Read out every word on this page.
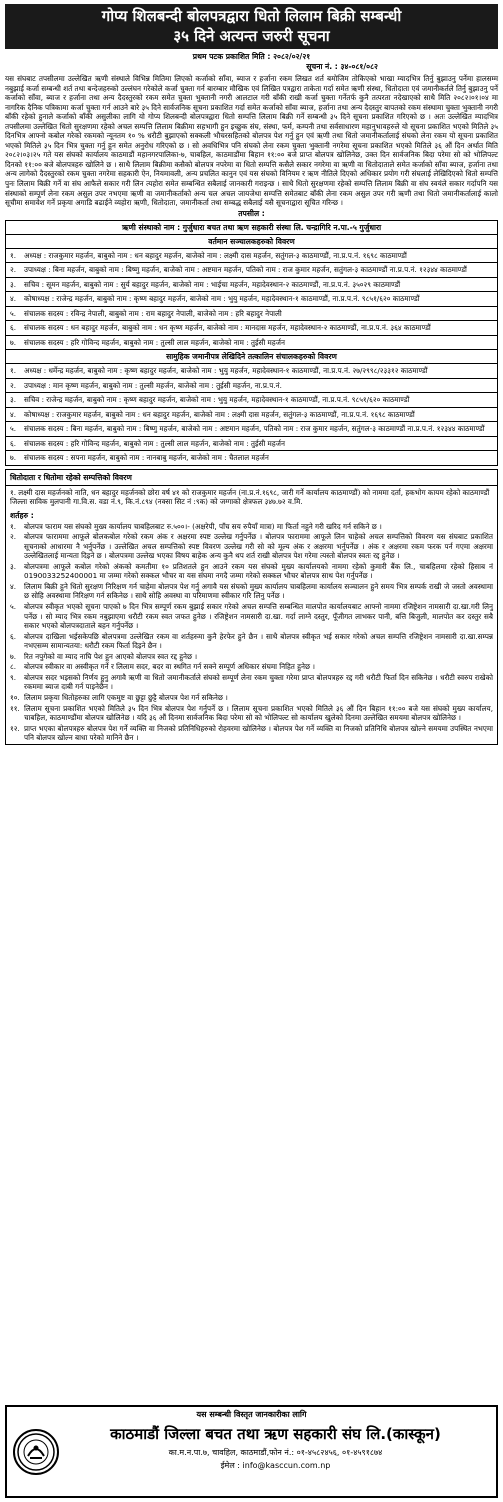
गोप्य शिलबन्दी बोलपत्रद्वारा धितो लिलाम बिक्री सम्बन्धी
३५ दिने अत्यन्त जरुरी सूचना
प्रथम पटक प्रकाशित मिति : २०८२/०२/२१
सूचना नं. : ३४-०८१/०८२
यस संघबाट तपसीलमा उल्लेखित ऋणी संस्थाले विभिन्न मितिमा लिएको कर्जाको साँवा, ब्याज र हर्जाना रकम लिखत शर्त बमोजिम तोकिएको भाखा म्यादभित्र तिर्नु बुझाउनु पर्नेमा हालसम्म नबुझाई कर्जा सम्बन्धी शर्त तथा बन्देजहरुको उल्लंघन गरेकोले कर्जा चुक्ता गर्न बारम्बार मौखिक एवं लिखित पत्रद्वारा ताकेता गर्दा समेत ऋणी संस्था, धितोदाता एवं जमानीकर्तले तिर्नु बुझाउनु पर्ने कर्जाको साँवा, ब्याज र हर्जाना तथा अन्य दैदस्तुरको रकम समेत चुक्ता भुक्तानी नगरी आलटाल गरी बाँकी राखी कर्जा चुक्ता गर्नेतर्फ कुनै तत्परता नदेखाएको साथै मिति २०८२।०१।०४ मा नागरिक दैनिक पत्रिकामा कर्जा चुक्ता गर्न आउने बारे ३५ दिने सार्वजनिक सूचना प्रकाशित गर्दा समेत कर्जाको साँवा ब्याज, हर्जाना तथा अन्य दैदस्तुर बापतको रकम संस्थामा चुक्ता भुक्तानी नगरी बाँकी रहेको हुनाले कर्जाको बाँकी असुलीका लागि यो गोप्य शिलबन्दी बोलपत्रद्वारा धितो सम्पत्ति लिलाम बिक्री गर्ने सम्बन्धी ३५ दिने सूचना प्रकाशित गरिएको छ । अतः उल्लेखित म्यादभित्र तपसीलमा उल्लेखित धितो सुरक्षणमा रहेको अचल सम्पत्ति लिलाम बिक्रीमा सहभागी हुन इच्छुक संघ, संस्था, फर्म, कम्पनी तथा सर्वसाधारण महानुभावहरुले यो सूचना प्रकाशित भएको मितिले ३५ दिनभित्र आफ्नो कबोल गरेको रकमको न्यूनतम १० % धरौटी बुझाएको सक्कली भौचरसहितको बोलपत्र पेश गर्नु हुन एवं ऋणी तथा धितो जमानीकर्तालाई संघको लेना रकम यो सूचना प्रकाशित भएको मितिले ३५ दिन भित्र चुक्ता गर्नु हुन समेत अनुरोध गरिएको छ । सो अवधिभित्र पनि संघको लेना रकम चुक्ता भुक्तानी नगरेमा सूचना प्रकाशित भएको मितिले ३६ औं दिन अर्थात मिति २०८२।०३।२५ गते यस संघको कार्यालय काठमाडौं महानगरपालिका-७, चाबहिल, काठमाडौंमा बिहान ११:०० बजे प्राप्त बोलपत्र खोलिनेछ, उक्त दिन सार्वजनिक बिदा परेमा सो को भोलिपल्ट दिनको ११:०० बजे बोलपत्रहरु खोलिने छ । साथै लिलाम बिक्रीमा कसैको बोलपत्र नपरेमा वा धितो सम्पत्ति कसैले सकार नगरेमा वा ऋणी वा धितोदाताले समेत कर्जाको साँवा ब्याज, हर्जाना तथा अन्य लागेको दैदस्तुरको रकम चुक्ता नगरेमा सहकारी ऐन, नियमावली, अन्य प्रचलित कानुन एवं यस संघको विनियम र ऋण नीतिले दिएको अधिकार प्रयोग गरी संघलाई लेखिदिएको धितो सम्पत्ति पुनः लिलाम बिक्री गर्ने वा संघ आफैले सकार गरी लिन त्यहोरा समेत सम्बन्धित सबैलाई जानकारी गराइन्छ । साथै धितो सुरक्षणमा रहेको सम्पत्ति लिलाम बिक्री वा संघ स्वयंले सकार गर्दापनि यस संस्थाको सम्पूर्ण लेना रकम असुल उपर नभएमा ऋणी वा जमानीकर्ताको अन्य चल अचल जायजेथा सम्पत्ति समेतबाट बाँकी लेना रकम असुल उपर गरी ऋणी तथा धितो जमानीकर्तालाई कालो सूचीमा समावेश गर्ने प्रकृया अगाडि बढाईने व्यहोरा ऋणी, धितोदाता, जमानीकर्ता तथा सम्बद्ध सबैलाई यसै सूचनाद्वारा सूचित गरिन्छ ।
तपसील :
ऋणी संस्थाको नाम : गुर्जुधारा बचत तथा ऋण सहकारी संस्था लि. चन्द्रागिरि न.पा.-५ गुर्जुधारा
वर्तमान सञ्चालकहरुको विवरण
१.	अध्यक्ष : राजकुमार महर्जन, बाबुको नाम : धन बहादुर महर्जन, बाजेको नाम : लक्ष्मी दास महर्जन, सतुंगल-३ काठमाण्डौं, ना.प्र.प.नं. १६९८ काठमाण्डौं
२.	उपाध्यक्ष : बिना महर्जन, बाबुको नाम : बिष्णु महर्जन, बाजेको नाम : अष्टमान महर्जन, पतिको नाम : राज कुमार महर्जन, सतुंगल-३ काठमाण्डौं ना.प्र.प.नं. १२३४४ काठमाण्डौं
३.	सचिव : सूमन महर्जन, बाबुको नाम : सुर्य बहादुर महर्जन, बाजेको नाम : भाईचा महर्जन, महादेवस्थान-२ काठमाण्डौं, ना.प्र.प.नं. ३५०२९ काठमाण्डौं
४.	कोषाध्यक्ष : राजेन्द्र महर्जन, बाबुको नाम : कृष्ण बहादुर महर्जन, बाजेको नाम : भुयु महर्जन, महादेवस्थान-१ काठमाण्डौं, ना.प्र.प.नं. ९८५१/६२० काठमाण्डौं
५.	संचालक सदस्य : रविन्द्र नेपाली, बाबुको नाम : राम बहादुर नेपाली, बाजेको नाम : हरि बहादुर नेपाली
६.	संचालक सदस्य : धन बहादुर महर्जन, बाबुको नाम : धन कृष्ण महर्जन, बाजेको नाम : मानदास महर्जन, महादेवस्थान-२ काठमाण्डौं, ना.प्र.प.नं. ३६४ काठमाण्डौं
७.	संचालक सदस्य : हरि गोविन्द महर्जन, बाबुको नाम : तुल्सी लाल महर्जन, बाजेको नाम : तुईसी महर्जन
सामुहिक जमानीपत्र लेखिदिने तत्कालिन संचालकहरुको विवरण
१.	अध्यक्ष : धर्मेन्द्र महर्जन, बाबुको नाम : कृष्ण बहादुर महर्जन, बाजेको नाम : भुयु महर्जन, महादेवस्थान-१ काठमाण्डौं, ना.प्र.प.नं. २७/२९९८/२३३१२ काठमाण्डौं
२.	उपाध्यक्ष : मान कृष्ण महर्जन, बाबुको नाम : तुल्सी महर्जन, बाजेको नाम : तुईसी महर्जन, ना.प्र.प.नं.
३.	सचिव : राजेन्द्र महर्जन, बाबुको नाम : कृष्ण बहादुर महर्जन, बाजेको नाम : भुयु महर्जन, महादेवस्थान-१ काठमाण्डौं, ना.प्र.प.नं. ९८५१/६२० काठमाण्डौं
४.	कोषाध्यक्ष : राजकुमार महर्जन, बाबुको नाम : धन बहादुर महर्जन, बाजेको नाम : लक्ष्मी दास महर्जन, सतुंगल-३ काठमाण्डौं, ना.प्र.प.नं. १६९८ काठमाण्डौं
५.	संचालक सदस्य : बिना महर्जन, बाबुको नाम : बिष्णु महर्जन, बाजेको नाम : अष्टमान महर्जन, पतिको नाम : राज कुमार महर्जन, सतुंगल-३ काठमाण्डौं ना.प्र.प.नं. १२३४४ काठमाण्डौं
६.	संचालक सदस्य : हरि गोविन्द महर्जन, बाबुको नाम : तुल्सी लाल महर्जन, बाजेको नाम : तुईसी महर्जन
७.	संचालक सदस्य : सपना महर्जन, बाबुको नाम : नानबाबु महर्जन, बाजेको नाम : चैतलाल महर्जन
धितोदाता र धितोमा रहेको सम्पत्तिको विवरण
१. लक्ष्मी दास महर्जनको नाति, धन बहादुर महर्जनको छोरा वर्ष ४१ को राजकुमार महर्जन (ना.प्र.नं.१६९८, जारी गर्ने कार्यालय काठमाण्डौं) को नाममा दर्ता, हकभोग कायम रहेको काठमाण्डौं जिल्ला साविक मुलपानी गा.वि.स. वडा नं.९, कि.नं.८९४ (नक्सा सिट नं :९क) को जग्गाको क्षेत्रफल ३४७.७२ व.मि.
शर्तहरु :
१.	बोलपत्र फाराम यस संघको मुख्य कार्यालय चाबहिलबाट रु.५००।- (अक्षरेपी, पाँच सय रुपैयाँ मात्रा) मा फिर्ता नहुने गरी खरिद गर्न सकिने छ ।
२.	बोलपत्र फाराममा आफूले बोलकबोल गरेको रकम अंक र अक्षरमा स्पष्ट उल्लेख गर्नुपर्नेछ । बोलपत्र फाराममा आफूले लिन चाहेको अचल सम्पत्तिको विवरण यस संघबाट प्रकाशित सूचनाको आधारमा नै भर्नुपर्नेछ । उल्लेखित अचल सम्पत्तिको स्पष्ट विवरण उल्लेख गरी सो को मूल्य अंक र अक्षरमा भर्नुपर्नेछ । अंक र अक्षरमा रकम फरक पर्न गएमा अक्षरमा उल्लेखितलाई मान्यता दिइने छ । बोलपत्रमा उल्लेख भएका विषय बाहेक अन्य कुनै थप शर्त राखी बोलपत्र पेश गरेमा त्यस्तो बोलपत्र स्वतः रद्द हुनेछ ।
३.	बोलपत्रमा आफूले कबोल गरेको अंकको कमतीमा १० प्रतिशतले हुन आउने रकम यस संघको मुख्य कार्यालयको नाममा रहेको कुमारी बैंक लि., चाबहिलमा रहेको हिसाब नं 0190033252400001 मा जम्मा गरेको सक्कल भौचर वा यस संघमा नगदै जम्मा गरेको सक्कल भौचर बोलपत्र साथ पेश गर्नुपर्नेछ ।
४.	लिलाम बिक्री हुने धितो सुरक्षण निरिक्षण गर्न चाहेमा बोलपत्र पेश गर्नु अगावै यस संघको मुख्य कार्यालय चाबहिलमा कार्यालय सञ्चालन हुने समय भित्र सम्पर्क राखी जे जस्तो अवस्थामा छ सोहि अवस्थामा निरिक्षण गर्न सकिनेछ । साथै सोहि अवस्था वा परिमाणमा स्वीकार गरि लिनु पर्नेछ ।
५.	बोलपत्र स्वीकृत भएको सूचना पाएको ७ दिन भित्र सम्पूर्ण रकम बुझाई सकार गरेको अचल सम्पत्ति सम्बन्धित मालपोत कार्यालयबाट आफ्नो नाममा रजिष्ट्रेशन नामसारी दा.खा.गरी लिनु पर्नेछ । सो म्याद भित्र रकम नबुझाएमा धरौटी रकम स्वत जफत हुनेछ । रजिष्ट्रेशन नामसारी दा.खा. गर्दा लाग्ने दस्तुर, पूँजीगत लाभकर पानी, बत्ति बिजुली, मालपोत कर दस्तुर सबै सकार भएको बोलपत्रदाताले बहन गर्नुपर्नेछ ।
६.	बोलपत्र दाखिला भईसकेपछि बोलपत्रमा उल्लेखित रकम वा शर्तहरुमा कुनै हेरफेर हुने छैन । साथै बोलपत्र स्वीकृत भई सकार गरेको अचल सम्पत्ति रजिष्ट्रेशन नामसारी दा.खा.सम्पन्न नभएसम्म सामान्यतया: धरौटी रकम फिर्ता दिइने छैन ।
७.	रित नपुगेको वा म्याद नाघि पेश हुन आएको बोलपत्र स्वत रद्द हुनेछ ।
८.	बोलपत्र स्वीकार वा अस्वीकृत गर्ने र लिलाम सदर, बदर वा स्थगित गर्न सक्ने सम्पूर्ण अधिकार संघमा निहित हुनेछ ।
९.	बोलपत्र सदर भइसको निर्णय हुनु अगावै ऋणी वा धितो जमानीकर्ताले संघको सम्पूर्ण लेना रकम चुक्ता गरेमा प्राप्त बोलपत्रहरु रद्द गरी धरौटी फिर्ता दिन सकिनेछ । धरौटी स्वरुप राखेको रकममा ब्याज दाबी गर्न पाइनेछैन ।
१०. लिलाम प्रकृया धितोहरुका लागि एकमुष्ट वा छुट्टा छुट्टै बोलपत्र पेश गर्न सकिनेछ ।
११. लिलाम सूचना प्रकाशित भएको मितिले ३५ दिन भित्र बोलपत्र पेश गर्नुपर्ने छ । लिलाम सूचना प्रकाशित भएको मितिले ३६ औं दिन बिहान ११:०० बजे यस संघको मुख्य कार्यालय, चाबहिल, काठमाण्डौंमा बोलपत्र खोलिनेछ । यदि ३६ औं दिनमा सार्वजनिक बिदा परेमा सो को भोलिपल्ट सो कार्यालय खुलेको दिनमा उल्लेखित समयमा बोलपत्र खोलिनेछ ।
१२. प्राप्त भएका बोलपत्रहरु बोलपत्र पेश गर्ने व्यक्ति वा निजको प्रतिनिधिहरुको रोहवरमा खोलिनेछ । बोलपत्र पेश गर्ने व्यक्ति वा निजको प्रतिनिधि बोलपत्र खोल्ने समयमा उपस्थित नभएमा पनि बोलपत्र खोल्न बाधा परेको मानिने छैन ।
यस सम्बन्धी विस्तृत जानकारीका लागि
काठमाडौं जिल्ला बचत तथा ऋण सहकारी संघ लि.(कास्कून)
का.म.न.पा.७, चावहिल, काठमाडौं,फोन नं.: ०१-४५८२४५६, ०१-४५९१८७४
ईमेल : info@kasccun.com.np
